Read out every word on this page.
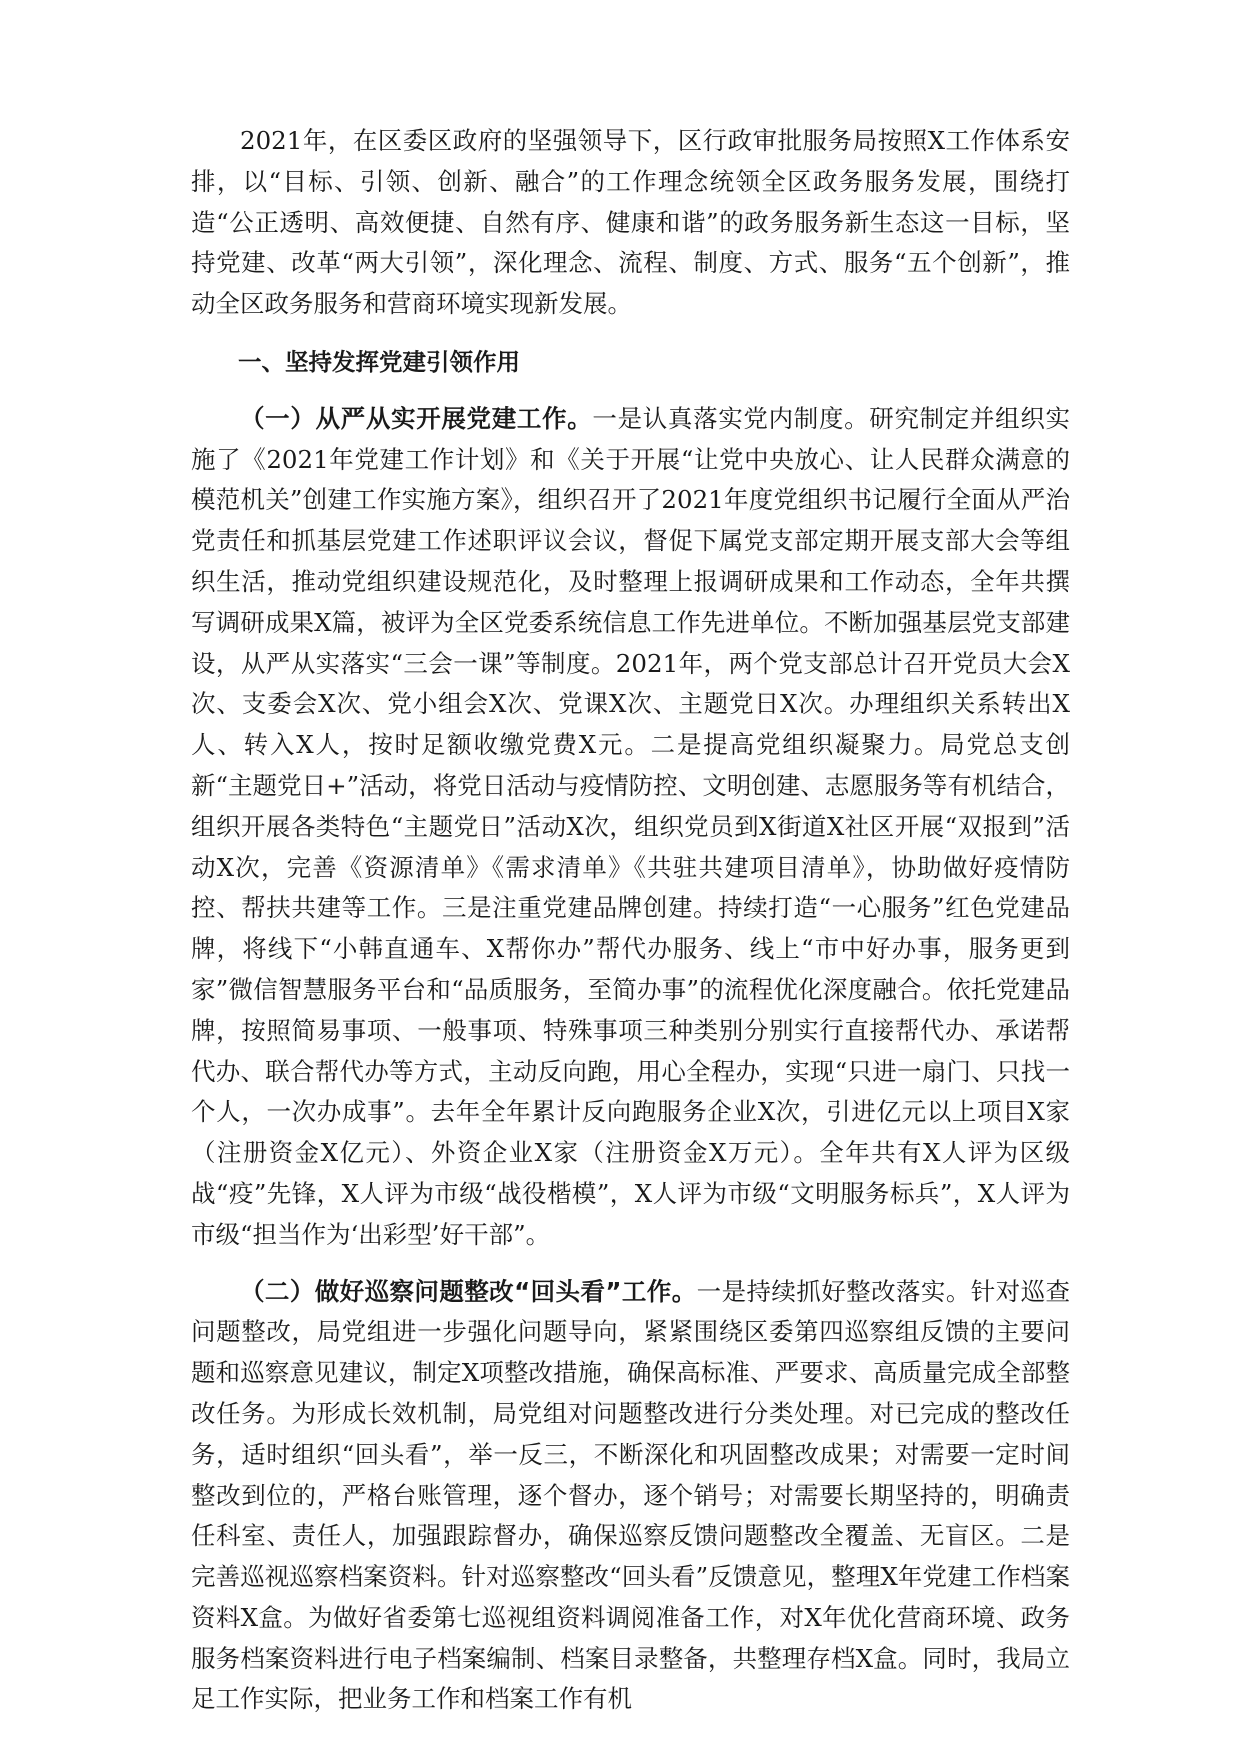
2021年，在区委区政府的坚强领导下，区行政审批服务局按照X工作体系安排，以“目标、引领、创新、融合”的工作理念统领全区政务服务发展，围绕打造“公正透明、高效便捷、自然有序、健康和谐”的政务服务新生态这一目标，坚持党建、改革“两大引领”，深化理念、流程、制度、方式、服务“五个创新”，推动全区政务服务和营商环境实现新发展。

一、坚持发挥党建引领作用

（一）从严从实开展党建工作。一是认真落实党内制度。研究制定并组织实施了《2021年党建工作计划》和《关于开展“让党中央放心、让人民群众满意的模范机关”创建工作实施方案》，组织召开了2021年度党组织书记履行全面从严治党责任和抓基层党建工作述职评议会议，督促下属党支部定期开展支部大会等组织生活，推动党组织建设规范化，及时整理上报调研成果和工作动态，全年共撰写调研成果X篇，被评为全区党委系统信息工作先进单位。不断加强基层党支部建设，从严从实落实“三会一课”等制度。2021年，两个党支部总计召开党员大会X次、支委会X次、党小组会X次、党课X次、主题党日X次。办理组织关系转出X人、转入X人，按时足额收缴党费X元。二是提高党组织凝聚力。局党总支创新“主题党日+”活动，将党日活动与疫情防控、文明创建、志愿服务等有机结合，组织开展各类特色“主题党日”活动X次，组织党员到X街道X社区开展“双报到”活动X次，完善《资源清单》《需求清单》《共驻共建项目清单》，协助做好疫情防控、帮扶共建等工作。三是注重党建品牌创建。持续打造“一心服务”红色党建品牌，将线下“小韩直通车、X帮你办”帮代办服务、线上“市中好办事，服务更到家”微信智慧服务平台和“品质服务，至简办事”的流程优化深度融合。依托党建品牌，按照简易事项、一般事项、特殊事项三种类别分别实行直接帮代办、承诺帮代办、联合帮代办等方式，主动反向跑，用心全程办，实现“只进一扇门、只找一个人，一次办成事”。去年全年累计反向跑服务企业X次，引进亿元以上项目X家（注册资金X亿元）、外资企业X家（注册资金X万元）。全年共有X人评为区级战“疫”先锋，X人评为市级“战役楷模”，X人评为市级“文明服务标兵”，X人评为市级“担当作为‘出彩型’好干部”。

（二）做好巡察问题整改“回头看”工作。一是持续抓好整改落实。针对巡查问题整改，局党组进一步强化问题导向，紧紧围绕区委第四巡察组反馈的主要问题和巡察意见建议，制定X项整改措施，确保高标准、严要求、高质量完成全部整改任务。为形成长效机制，局党组对问题整改进行分类处理。对已完成的整改任务，适时组织“回头看”，举一反三，不断深化和巩固整改成果；对需要一定时间整改到位的，严格台账管理，逐个督办，逐个销号；对需要长期坚持的，明确责任科室、责任人，加强跟踪督办，确保巡察反馈问题整改全覆盖、无盲区。二是完善巡视巡察档案资料。针对巡察整改“回头看”反馈意见，整理X年党建工作档案资料X盒。为做好省委第七巡视组资料调阅准备工作，对X年优化营商环境、政务服务档案资料进行电子档案编制、档案目录整备，共整理存档X盒。同时，我局立足工作实际，把业务工作和档案工作有机
